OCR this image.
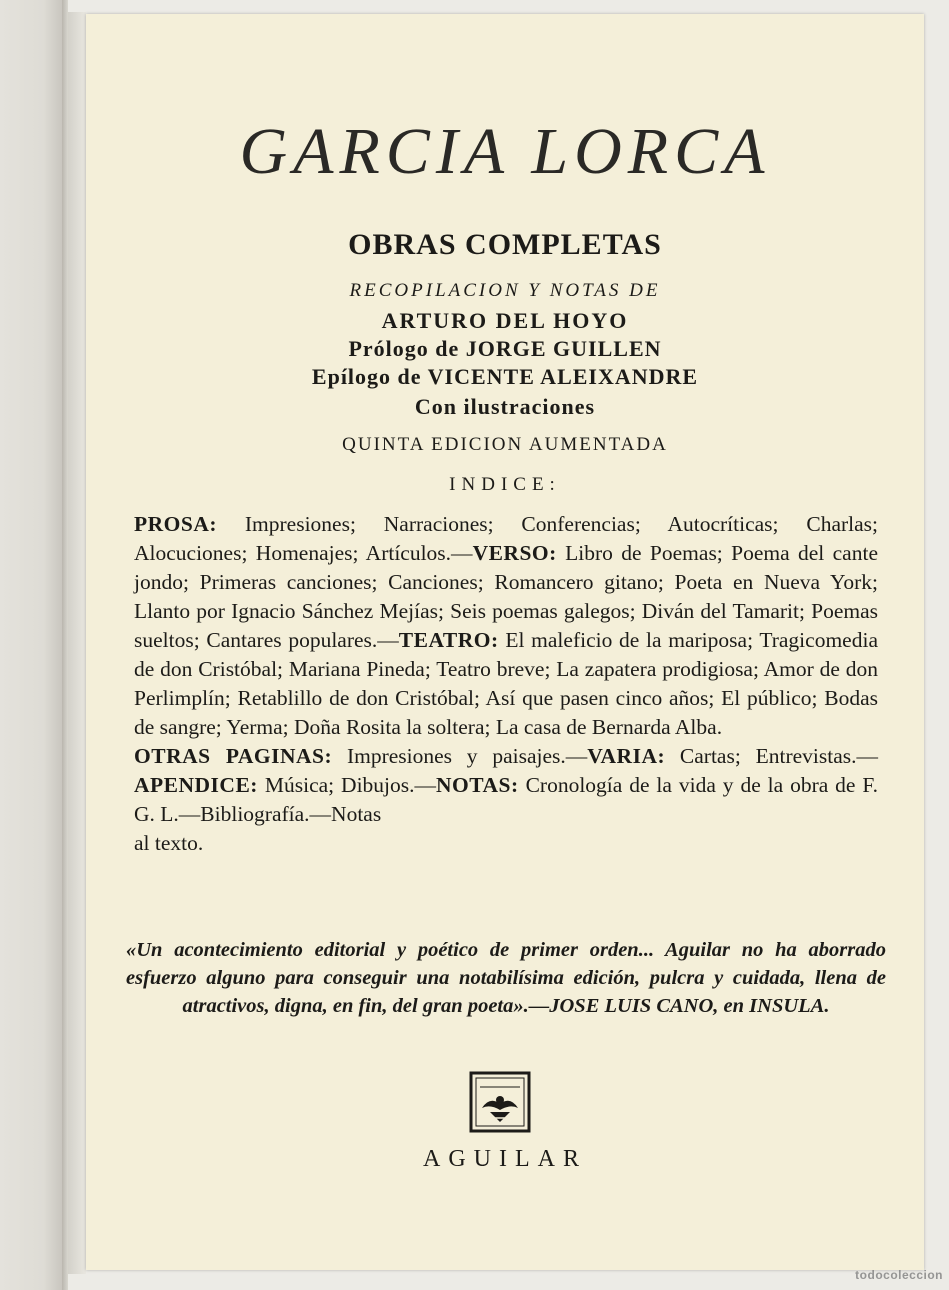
GARCIA LORCA
OBRAS COMPLETAS
RECOPILACION Y NOTAS DE
ARTURO DEL HOYO
Prólogo de JORGE GUILLEN
Epílogo de VICENTE ALEIXANDRE
Con ilustraciones
QUINTA EDICION AUMENTADA
INDICE:
PROSA: Impresiones; Narraciones; Conferencias; Autocríticas; Charlas; Alocuciones; Homenajes; Artículos.—VERSO: Libro de Poemas; Poema del cante jondo; Primeras canciones; Canciones; Romancero gitano; Poeta en Nueva York; Llanto por Ignacio Sánchez Mejías; Seis poemas galegos; Diván del Tamarit; Poemas sueltos; Cantares populares.—TEATRO: El maleficio de la mariposa; Tragicomedia de don Cristóbal; Mariana Pineda; Teatro breve; La zapatera prodigiosa; Amor de don Perlimplín; Retablillo de don Cristóbal; Así que pasen cinco años; El público; Bodas de sangre; Yerma; Doña Rosita la soltera; La casa de Bernarda Alba.
OTRAS PAGINAS: Impresiones y paisajes.—VARIA: Cartas; Entrevistas.—APENDICE: Música; Dibujos.—NOTAS: Cronología de la vida y de la obra de F. G. L.—Bibliografía.—Notas
al texto.
«Un acontecimiento editorial y poético de primer orden... Aguilar no ha aborrado esfuerzo alguno para conseguir una notabilísima edición, pulcra y cuidada, llena de atractivos, digna, en fin, del gran poeta».—JOSE LUIS CANO, en INSULA.
AGUILAR
todocoleccion
